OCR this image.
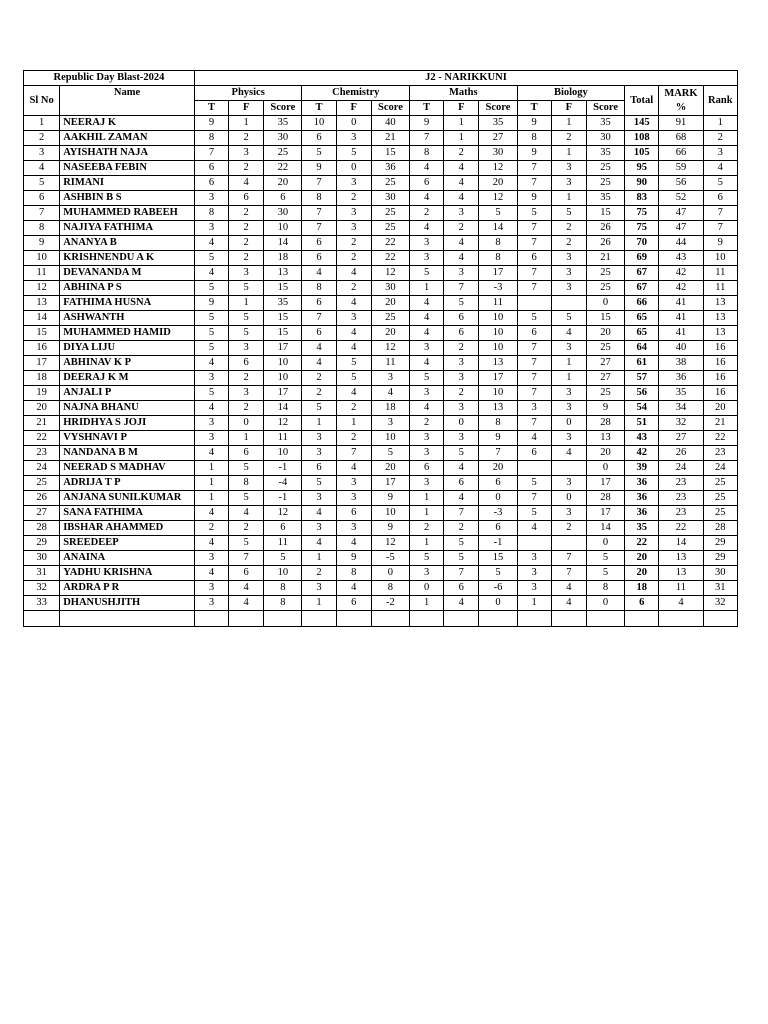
Republic Day Blast-2024		J2 - NARIKKUNI														
Sl No	Name	Physics			Chemistry			Maths			Biology			Total	MARK
%	Rank
		T	F	Score	T	F	Score	T	F	Score	T	F	Score			
1	NEERAJ K	9	1	35	10	0	40	9	1	35	9	1	35	145	91	1
2	AAKHIL ZAMAN	8	2	30	6	3	21	7	1	27	8	2	30	108	68	2
3	AYISHATH NAJA	7	3	25	5	5	15	8	2	30	9	1	35	105	66	3
4	NASEEBA FEBIN	6	2	22	9	0	36	4	4	12	7	3	25	95	59	4
5	RIMANI	6	4	20	7	3	25	6	4	20	7	3	25	90	56	5
6	ASHBIN B S	3	6	6	8	2	30	4	4	12	9	1	35	83	52	6
7	MUHAMMED RABEEH	8	2	30	7	3	25	2	3	5	5	5	15	75	47	7
8	NAJIYA FATHIMA	3	2	10	7	3	25	4	2	14	7	2	26	75	47	7
9	ANANYA B	4	2	14	6	2	22	3	4	8	7	2	26	70	44	9
10	KRISHNENDU A K	5	2	18	6	2	22	3	4	8	6	3	21	69	43	10
11	DEVANANDA M	4	3	13	4	4	12	5	3	17	7	3	25	67	42	11
12	ABHINA P S	5	5	15	8	2	30	1	7	-3	7	3	25	67	42	11
13	FATHIMA HUSNA	9	1	35	6	4	20	4	5	11			0	66	41	13
14	ASHWANTH	5	5	15	7	3	25	4	6	10	5	5	15	65	41	13
15	MUHAMMED HAMID	5	5	15	6	4	20	4	6	10	6	4	20	65	41	13
16	DIYA LIJU	5	3	17	4	4	12	3	2	10	7	3	25	64	40	16
17	ABHINAV K P	4	6	10	4	5	11	4	3	13	7	1	27	61	38	16
18	DEERAJ K M	3	2	10	2	5	3	5	3	17	7	1	27	57	36	16
19	ANJALI P	5	3	17	2	4	4	3	2	10	7	3	25	56	35	16
20	NAJNA BHANU	4	2	14	5	2	18	4	3	13	3	3	9	54	34	20
21	HRIDHYA S JOJI	3	0	12	1	1	3	2	0	8	7	0	28	51	32	21
22	VYSHNAVI P	3	1	11	3	2	10	3	3	9	4	3	13	43	27	22
23	NANDANA B M	4	6	10	3	7	5	3	5	7	6	4	20	42	26	23
24	NEERAD S MADHAV	1	5	-1	6	4	20	6	4	20			0	39	24	24
25	ADRIJA T P	1	8	-4	5	3	17	3	6	6	5	3	17	36	23	25
26	ANJANA SUNILKUMAR	1	5	-1	3	3	9	1	4	0	7	0	28	36	23	25
27	SANA FATHIMA	4	4	12	4	6	10	1	7	-3	5	3	17	36	23	25
28	IBSHAR AHAMMED	2	2	6	3	3	9	2	2	6	4	2	14	35	22	28
29	SREEDEEP	4	5	11	4	4	12	1	5	-1			0	22	14	29
30	ANAINA	3	7	5	1	9	-5	5	5	15	3	7	5	20	13	29
31	YADHU KRISHNA	4	6	10	2	8	0	3	7	5	3	7	5	20	13	30
32	ARDRA P R	3	4	8	3	4	8	0	6	-6	3	4	8	18	11	31
33	DHANUSHJITH	3	4	8	1	6	-2	1	4	0	1	4	0	6	4	32
